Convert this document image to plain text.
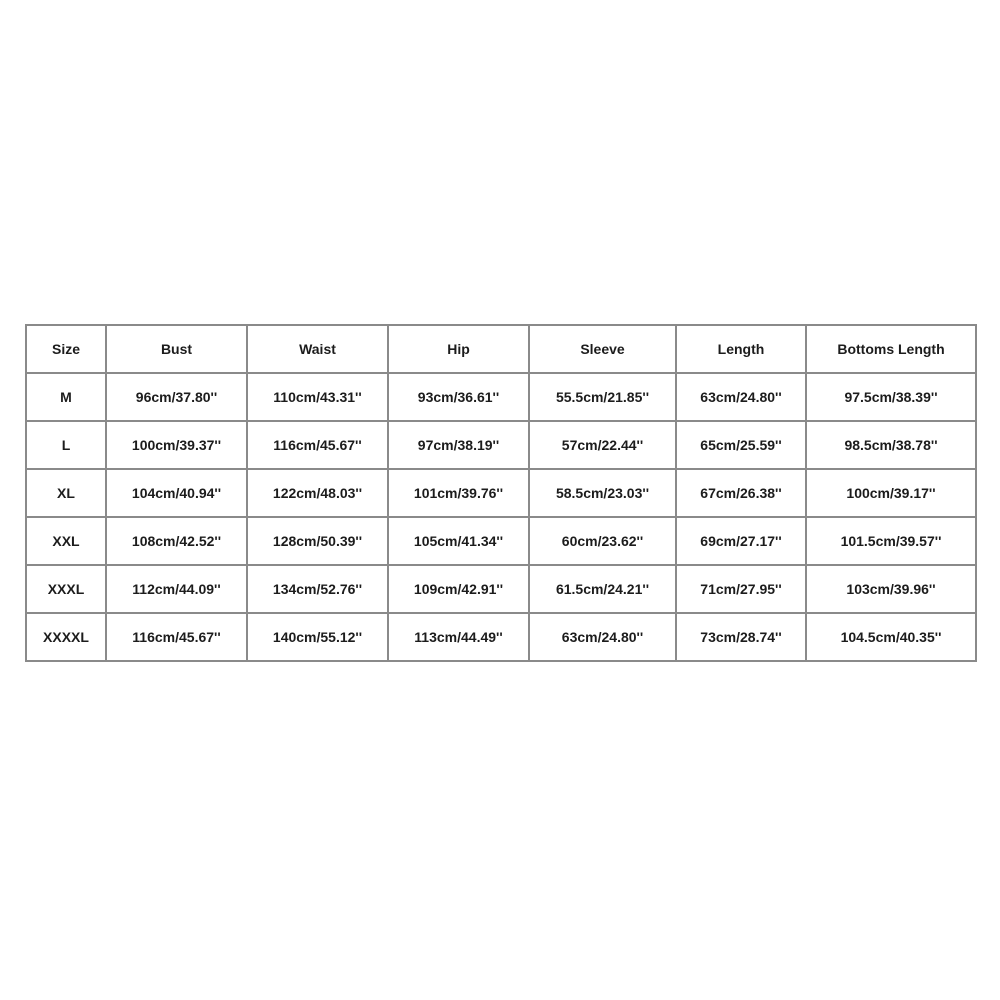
Size	Bust	Waist	Hip	Sleeve	Length	Bottoms Length
M	96cm/37.80''	110cm/43.31''	93cm/36.61''	55.5cm/21.85''	63cm/24.80''	97.5cm/38.39''
L	100cm/39.37''	116cm/45.67''	97cm/38.19''	57cm/22.44''	65cm/25.59''	98.5cm/38.78''
XL	104cm/40.94''	122cm/48.03''	101cm/39.76''	58.5cm/23.03''	67cm/26.38''	100cm/39.17''
XXL	108cm/42.52''	128cm/50.39''	105cm/41.34''	60cm/23.62''	69cm/27.17''	101.5cm/39.57''
XXXL	112cm/44.09''	134cm/52.76''	109cm/42.91''	61.5cm/24.21''	71cm/27.95''	103cm/39.96''
XXXXL	116cm/45.67''	140cm/55.12''	113cm/44.49''	63cm/24.80''	73cm/28.74''	104.5cm/40.35''
